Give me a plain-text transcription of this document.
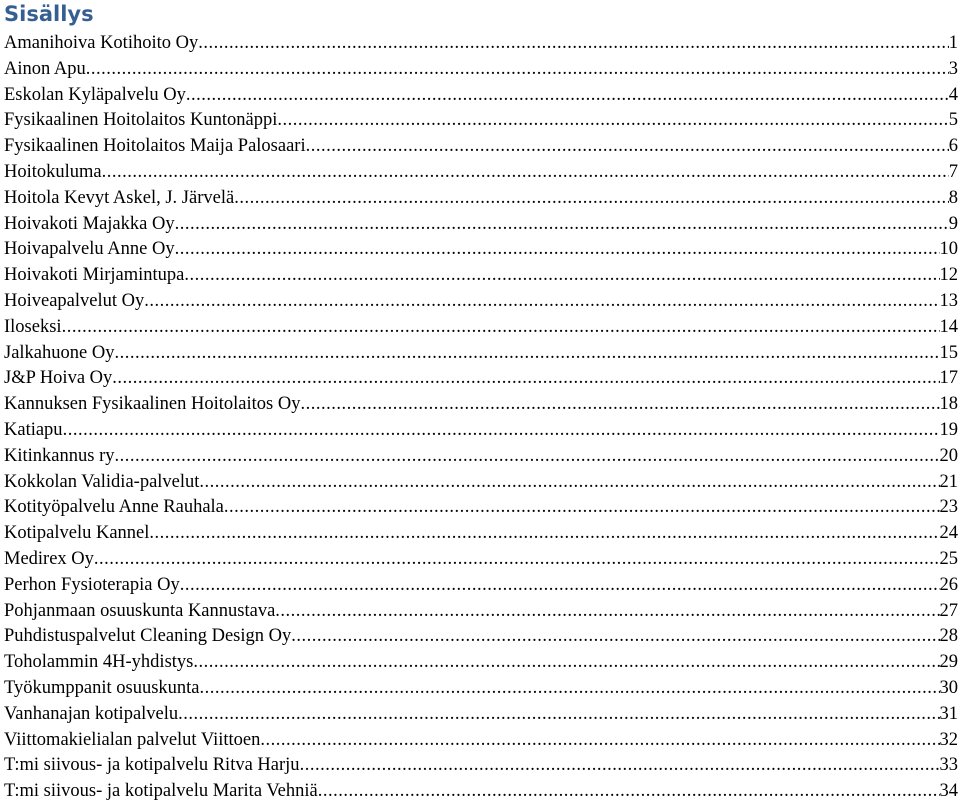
Sisällys
Amanihoiva Kotihoito Oy .....	1
Ainon Apu .....	3
Eskolan Kyläpalvelu Oy .....	4
Fysikaalinen Hoitolaitos Kuntonäppi .....	5
Fysikaalinen Hoitolaitos Maija Palosaari .....	6
Hoitokuluma .....	7
Hoitola Kevyt Askel, J. Järvelä .....	8
Hoivakoti Majakka Oy .....	9
Hoivapalvelu Anne Oy .....	10
Hoivakoti Mirjamintupa .....	12
Hoiveapalvelut Oy .....	13
Iloseksi .....	14
Jalkahuone Oy .....	15
J&P Hoiva Oy .....	17
Kannuksen Fysikaalinen Hoitolaitos Oy .....	18
Katiapu .....	19
Kitinkannus ry .....	20
Kokkolan Validia-palvelut .....	21
Kotityöpalvelu Anne Rauhala .....	23
Kotipalvelu Kannel .....	24
Medirex Oy .....	25
Perhon Fysioterapia Oy .....	26
Pohjanmaan osuuskunta Kannustava .....	27
Puhdistuspalvelut Cleaning Design Oy .....	28
Toholammin 4H-yhdistys .....	29
Työkumppanit osuuskunta .....	30
Vanhanajan kotipalvelu .....	31
Viittomakielialan palvelut Viittoen .....	32
T:mi siivous- ja kotipalvelu Ritva Harju .....	33
T:mi siivous- ja kotipalvelu Marita Vehniä .....	34
